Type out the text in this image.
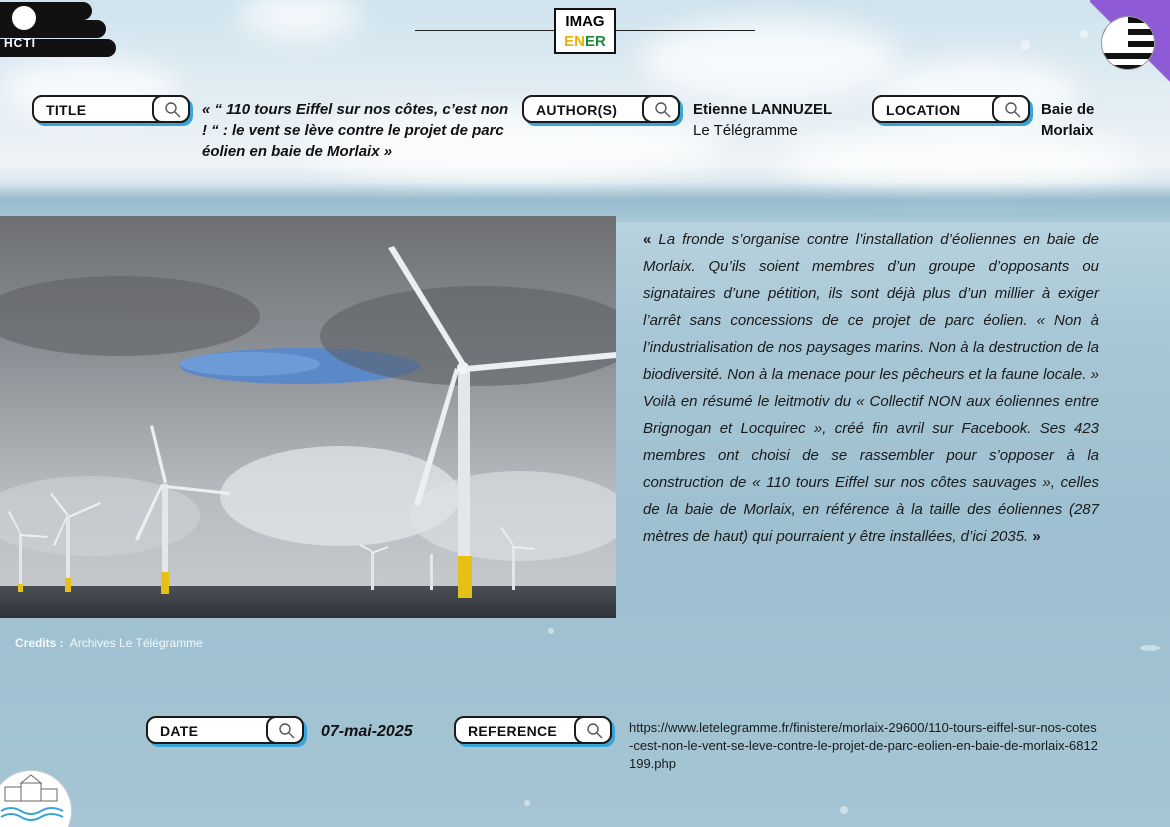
HCTI
IMAG
ENER
TITLE	« “ 110 tours Eiffel sur nos côtes, c’est non ! “ : le vent se lève contre le projet de parc éolien en baie de Morlaix »
AUTHOR(S)	Etienne LANNUZEL
Le Télégramme
LOCATION	Baie de Morlaix
Credits : Archives Le Télégramme
« La fronde s’organise contre l’installation d’éoliennes en baie de Morlaix. Qu’ils soient membres d’un groupe d’opposants ou signataires d’une pétition, ils sont déjà plus d’un millier à exiger l’arrêt sans concessions de ce projet de parc éolien. « Non à l’industrialisation de nos paysages marins. Non à la destruction de la biodiversité. Non à la menace pour les pêcheurs et la faune locale. » Voilà en résumé le leitmotiv du « Collectif NON aux éoliennes entre Brignogan et Locquirec », créé fin avril sur Facebook. Ses 423 membres ont choisi de se rassembler pour s’opposer à la construction de « 110 tours Eiffel sur nos côtes sauvages », celles de la baie de Morlaix, en référence à la taille des éoliennes (287 mètres de haut) qui pourraient y être installées, d’ici 2035. »
DATE	07-mai-2025	REFERENCE	https://www.letelegramme.fr/finistere/morlaix-29600/110-tours-eiffel-sur-nos-cotes-cest-non-le-vent-se-leve-contre-le-projet-de-parc-eolien-en-baie-de-morlaix-6812199.php
